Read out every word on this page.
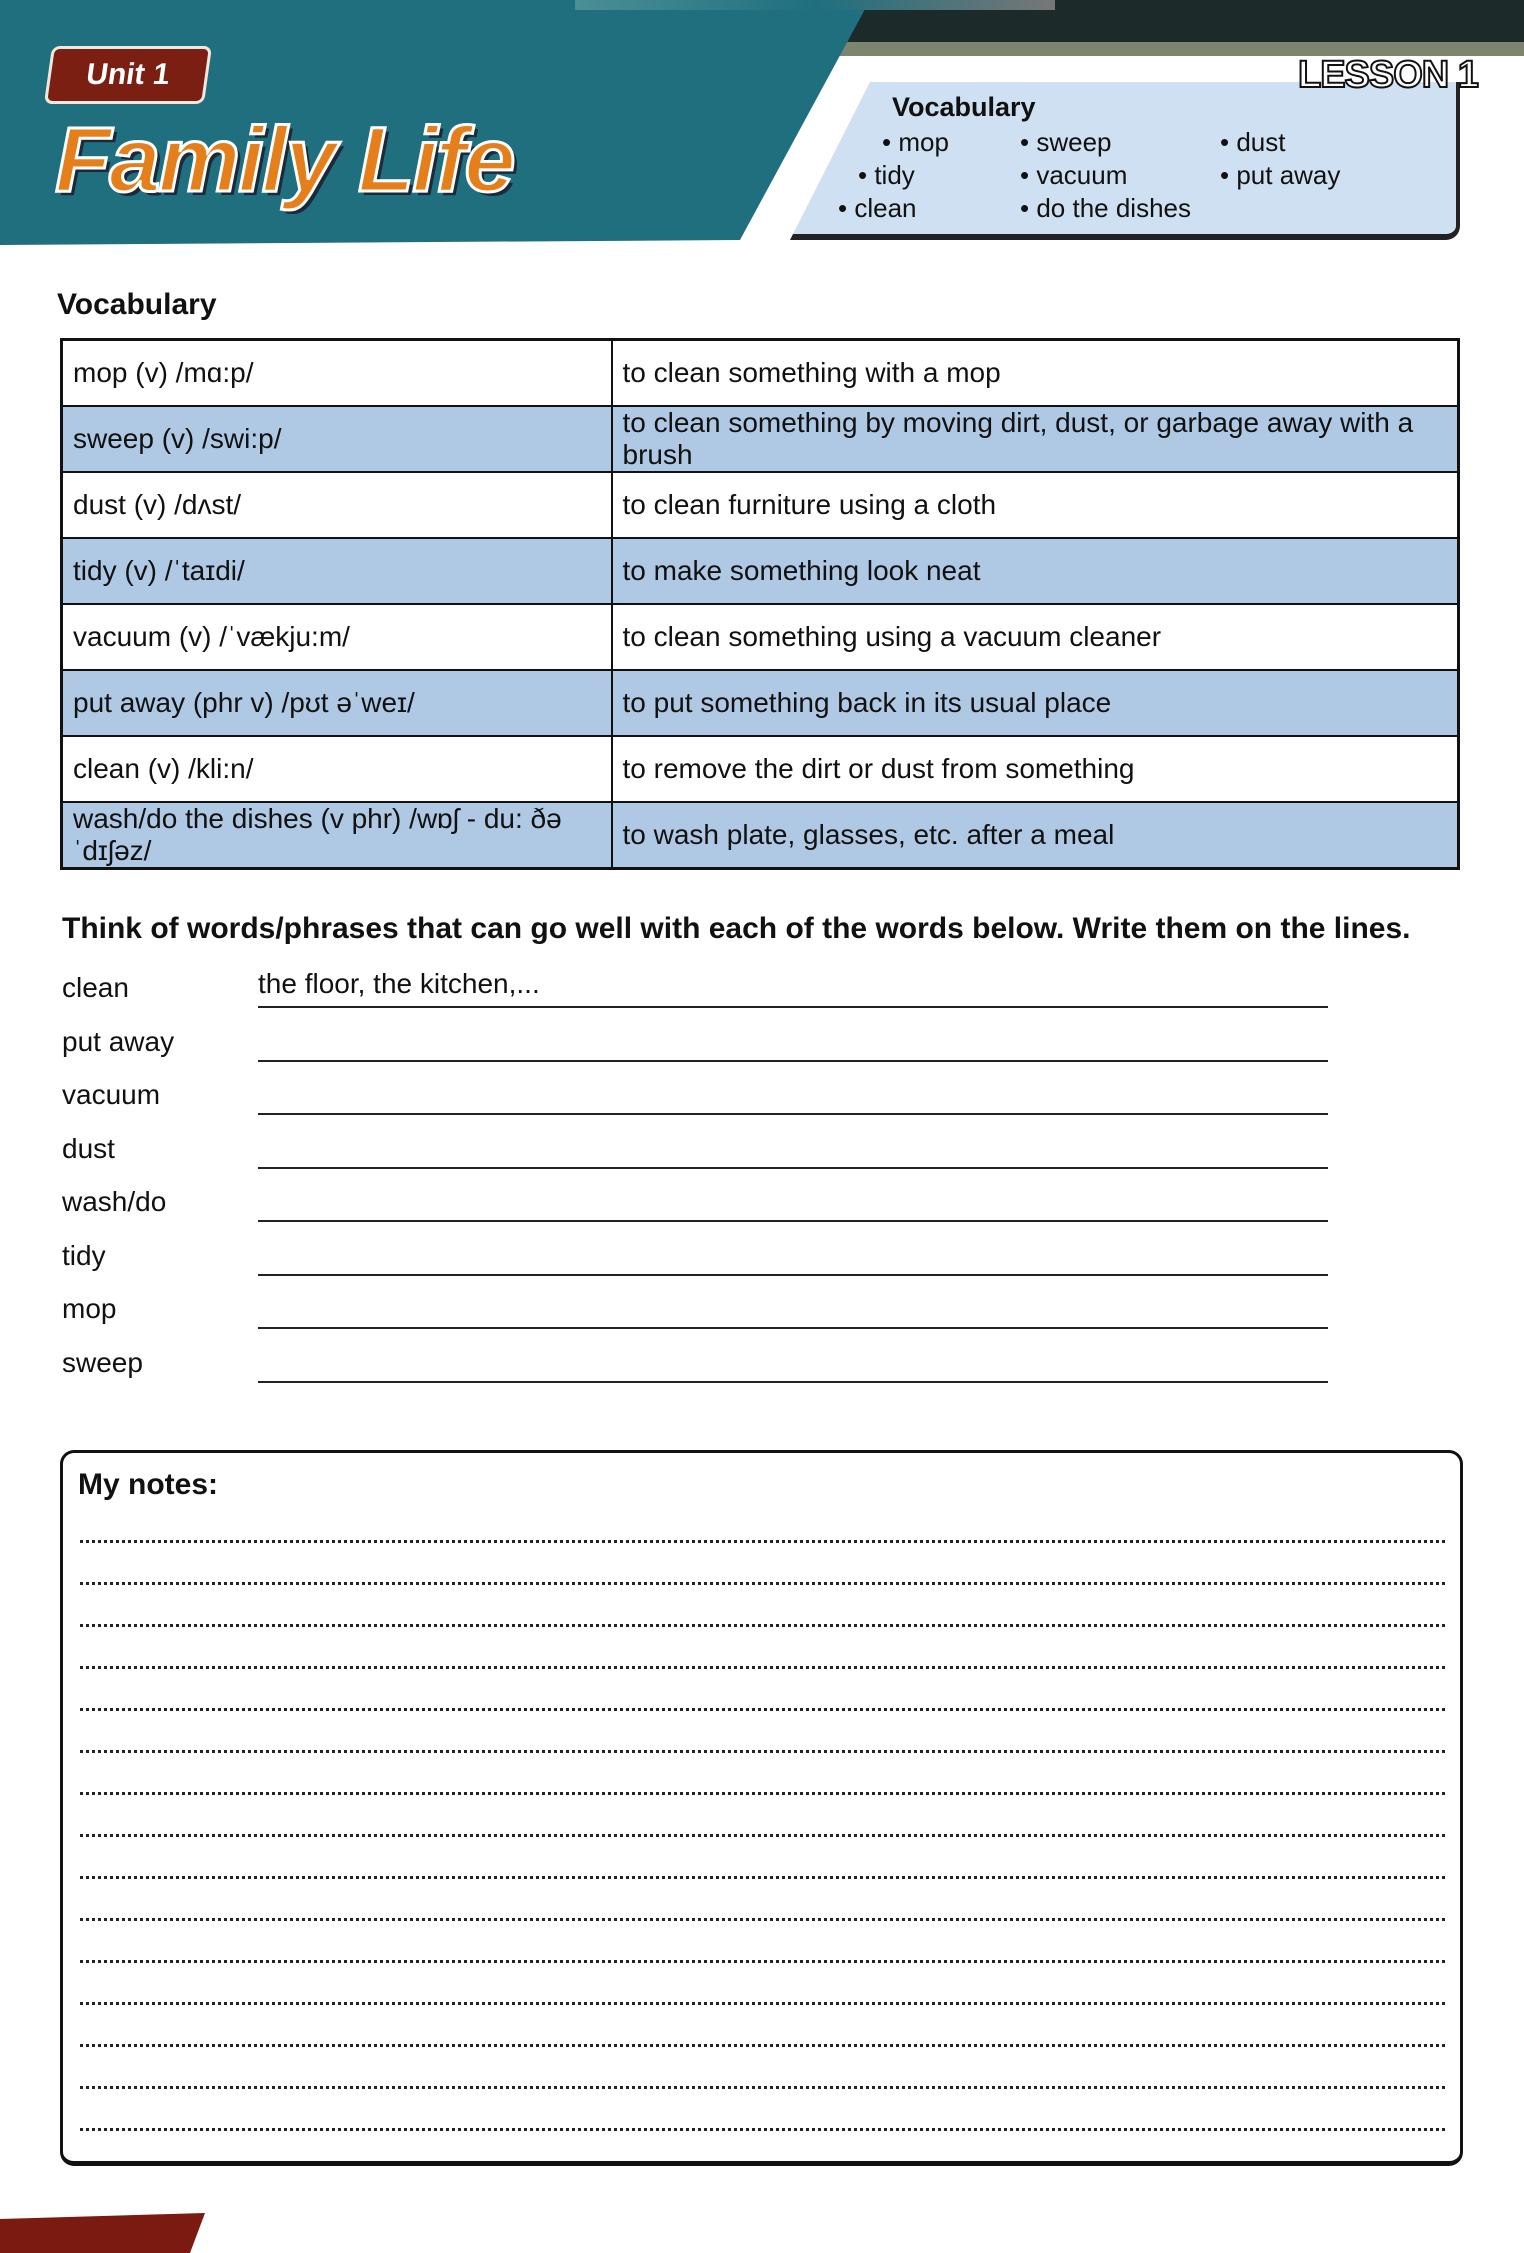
Unit 1
Family Life
LESSON 1
Vocabulary
• mop
• tidy
• clean
• sweep
• vacuum
• do the dishes
• dust
• put away
Vocabulary
mop (v) /mɑ:p/	to clean something with a mop
sweep (v) /swi:p/	to clean something by moving dirt, dust, or garbage away with a brush
dust (v) /dʌst/	to clean furniture using a cloth
tidy (v) /ˈtaɪdi/	to make something look neat
vacuum (v) /ˈvækju:m/	to clean something using a vacuum cleaner
put away (phr v) /pʊt əˈweɪ/	to put something back in its usual place
clean (v) /kli:n/	to remove the dirt or dust from something
wash/do the dishes (v phr) /wɒʃ - du: ðə ˈdɪʃəz/	to wash plate, glasses, etc. after a meal
Think of words/phrases that can go well with each of the words below. Write them on the lines.
clean	the floor, the kitchen,...
put away
vacuum
dust
wash/do
tidy
mop
sweep
My notes:
